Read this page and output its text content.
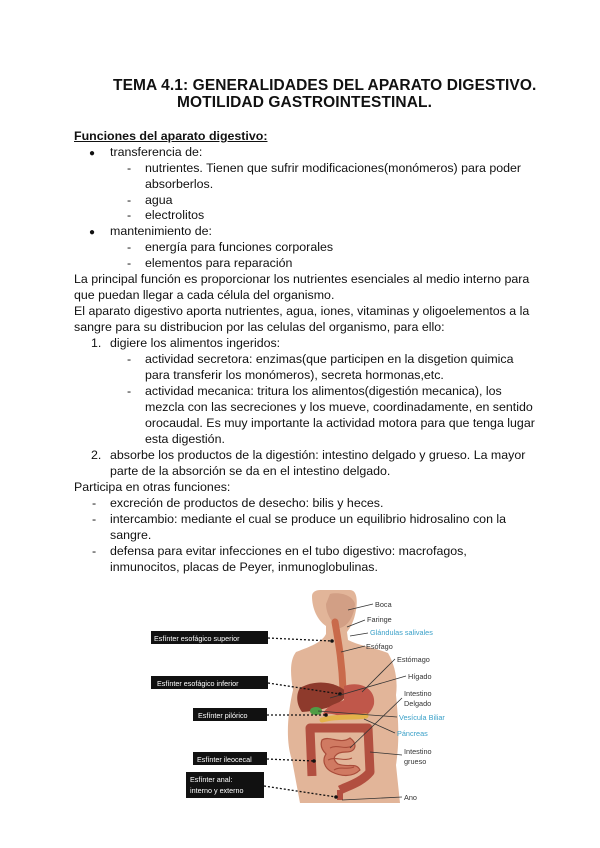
TEMA 4.1: GENERALIDADES DEL APARATO DIGESTIVO.
MOTILIDAD GASTROINTESTINAL.
Funciones del aparato digestivo:
● transferencia de:
- nutrientes. Tienen que sufrir modificaciones(monómeros) para poder
absorberlos.
- agua
- electrolitos
● mantenimiento de:
- energía para funciones corporales
- elementos para reparación
La principal función es proporcionar los nutrientes esenciales al medio interno para
que puedan llegar a cada célula del organismo.
El aparato digestivo aporta nutrientes, agua, iones, vitaminas y oligoelementos a la
sangre para su distribucion por las celulas del organismo, para ello:
1. digiere los alimentos ingeridos:
- actividad secretora: enzimas(que participen en la disgetion quimica
para transferir los monómeros), secreta hormonas,etc.
- actividad mecanica: tritura los alimentos(digestión mecanica), los
mezcla con las secreciones y los mueve, coordinadamente, en sentido
orocaudal. Es muy importante la actividad motora para que tenga lugar
esta digestión.
2. absorbe los productos de la digestión: intestino delgado y grueso. La mayor
parte de la absorción se da en el intestino delgado.
Participa en otras funciones:
- excreción de productos de desecho: bilis y heces.
- intercambio: mediante el cual se produce un equilibrio hidrosalino con la
sangre.
- defensa para evitar infecciones en el tubo digestivo: macrofagos,
inmunocitos, placas de Peyer, inmunoglobulinas.
Esfínter esofágico superior
Esfínter esofágico inferior
Esfínter pilórico
Esfínter ileocecal
Esfínter anal:
interno y externo
Boca
Faringe
Glándulas salivales
Esófago
Estómago
Hígado
Intestino
Delgado
Vesícula Biliar
Páncreas
Intestino
grueso
Ano
